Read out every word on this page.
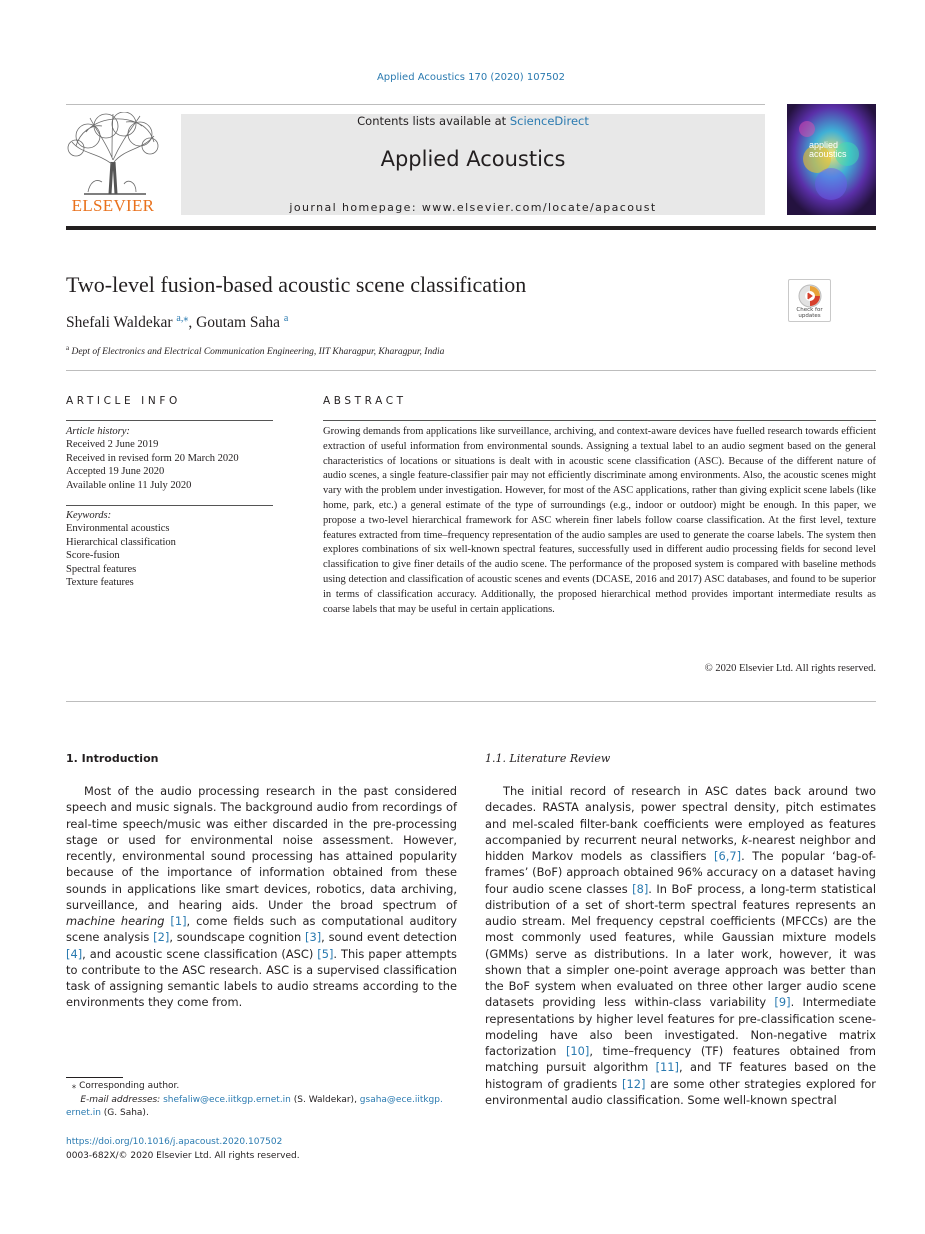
Applied Acoustics 170 (2020) 107502
ELSEVIER
Contents lists available at ScienceDirect
Applied Acoustics
journal homepage: www.elsevier.com/locate/apacoust
applied
acoustics
Two-level fusion-based acoustic scene classification
Check for updates
Shefali Waldekar $^{a,⁎}$, Goutam Saha $^a$
$^a$ Dept of Electronics and Electrical Communication Engineering, IIT Kharagpur, Kharagpur, India
ARTICLE INFO	ABSTRACT
Article history:
Received 2 June 2019
Received in revised form 20 March 2020
Accepted 19 June 2020
Available online 11 July 2020
Keywords:
Environmental acoustics
Hierarchical classification
Score-fusion
Spectral features
Texture features
Growing demands from applications like surveillance, archiving, and context-aware devices have fuelled research towards efficient extraction of useful information from environmental sounds. Assigning a textual label to an audio segment based on the general characteristics of locations or situations is dealt with in acoustic scene classification (ASC). Because of the different nature of audio scenes, a single feature-classifier pair may not efficiently discriminate among environments. Also, the acoustic scenes might vary with the problem under investigation. However, for most of the ASC applications, rather than giving explicit scene labels (like home, park, etc.) a general estimate of the type of surroundings (e.g., indoor or outdoor) might be enough. In this paper, we propose a two-level hierarchical framework for ASC wherein finer labels follow coarse classification. At the first level, texture features extracted from time–frequency representation of the audio samples are used to generate the coarse labels. The system then explores combinations of six well-known spectral features, successfully used in different audio processing fields for second level classification to give finer details of the audio scene. The performance of the proposed system is compared with baseline methods using detection and classification of acoustic scenes and events (DCASE, 2016 and 2017) ASC databases, and found to be superior in terms of classification accuracy. Additionally, the proposed hierarchical method provides important intermediate results as coarse labels that may be useful in certain applications.
© 2020 Elsevier Ltd. All rights reserved.
1. Introduction	1.1. Literature Review
Most of the audio processing research in the past considered speech and music signals. The background audio from recordings of real-time speech/music was either discarded in the pre-processing stage or used for environmental noise assessment. However, recently, environmental sound processing has attained popularity because of the importance of information obtained from these sounds in applications like smart devices, robotics, data archiving, surveillance, and hearing aids. Under the broad spectrum of machine hearing [1], come fields such as computational auditory scene analysis [2], soundscape cognition [3], sound event detection [4], and acoustic scene classification (ASC) [5]. This paper attempts to contribute to the ASC research. ASC is a supervised classification task of assigning semantic labels to audio streams according to the environments they come from.
The initial record of research in ASC dates back around two decades. RASTA analysis, power spectral density, pitch estimates and mel-scaled filter-bank coefficients were employed as features accompanied by recurrent neural networks, k-nearest neighbor and hidden Markov models as classifiers [6,7]. The popular ‘bag-of-frames’ (BoF) approach obtained 96% accuracy on a dataset having four audio scene classes [8]. In BoF process, a long-term statistical distribution of a set of short-term spectral features represents an audio stream. Mel frequency cepstral coefficients (MFCCs) are the most commonly used features, while Gaussian mixture models (GMMs) serve as distributions. In a later work, however, it was shown that a simpler one-point average approach was better than the BoF system when evaluated on three other larger audio scene datasets providing less within-class variability [9]. Intermediate representations by higher level features for pre-classification scene-modeling have also been investigated. Non-negative matrix factorization [10], time–frequency (TF) features obtained from matching pursuit algorithm [11], and TF features based on the histogram of gradients [12] are some other strategies explored for environmental audio classification. Some well-known spectral
⁎ Corresponding author.
E-mail addresses: shefaliw@ece.iitkgp.ernet.in (S. Waldekar), gsaha@ece.iitkgp.
ernet.in (G. Saha).
https://doi.org/10.1016/j.apacoust.2020.107502
0003-682X/© 2020 Elsevier Ltd. All rights reserved.
